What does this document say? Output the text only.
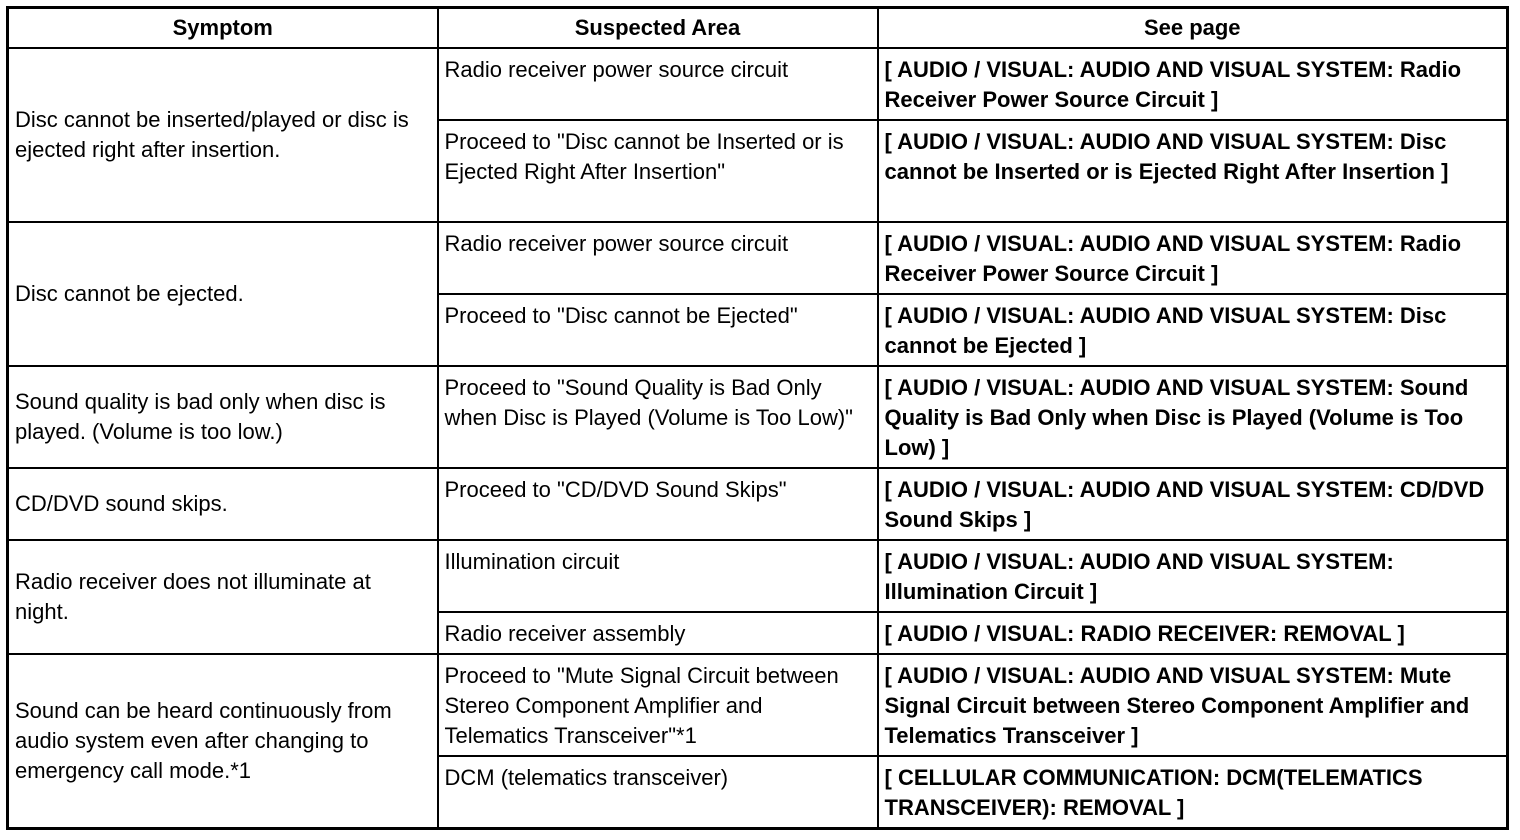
Symptom	Suspected Area	See page
Disc cannot be inserted/played or disc is ejected right after insertion.	Radio receiver power source circuit	[ AUDIO / VISUAL: AUDIO AND VISUAL SYSTEM: Radio Receiver Power Source Circuit ]
	Proceed to "Disc cannot be Inserted or is Ejected Right After Insertion"	[ AUDIO / VISUAL: AUDIO AND VISUAL SYSTEM: Disc cannot be Inserted or is Ejected Right After Insertion ]
Disc cannot be ejected.	Radio receiver power source circuit	[ AUDIO / VISUAL: AUDIO AND VISUAL SYSTEM: Radio Receiver Power Source Circuit ]
	Proceed to "Disc cannot be Ejected"	[ AUDIO / VISUAL: AUDIO AND VISUAL SYSTEM: Disc cannot be Ejected ]
Sound quality is bad only when disc is played. (Volume is too low.)	Proceed to "Sound Quality is Bad Only when Disc is Played (Volume is Too Low)"	[ AUDIO / VISUAL: AUDIO AND VISUAL SYSTEM: Sound Quality is Bad Only when Disc is Played (Volume is Too Low) ]
CD/DVD sound skips.	Proceed to "CD/DVD Sound Skips"	[ AUDIO / VISUAL: AUDIO AND VISUAL SYSTEM: CD/DVD Sound Skips ]
Radio receiver does not illuminate at night.	Illumination circuit	[ AUDIO / VISUAL: AUDIO AND VISUAL SYSTEM: Illumination Circuit ]
	Radio receiver assembly	[ AUDIO / VISUAL: RADIO RECEIVER: REMOVAL ]
Sound can be heard continuously from audio system even after changing to emergency call mode.*1	Proceed to "Mute Signal Circuit between Stereo Component Amplifier and Telematics Transceiver"*1	[ AUDIO / VISUAL: AUDIO AND VISUAL SYSTEM: Mute Signal Circuit between Stereo Component Amplifier and Telematics Transceiver ]
	DCM (telematics transceiver)	[ CELLULAR COMMUNICATION: DCM(TELEMATICS TRANSCEIVER): REMOVAL ]
